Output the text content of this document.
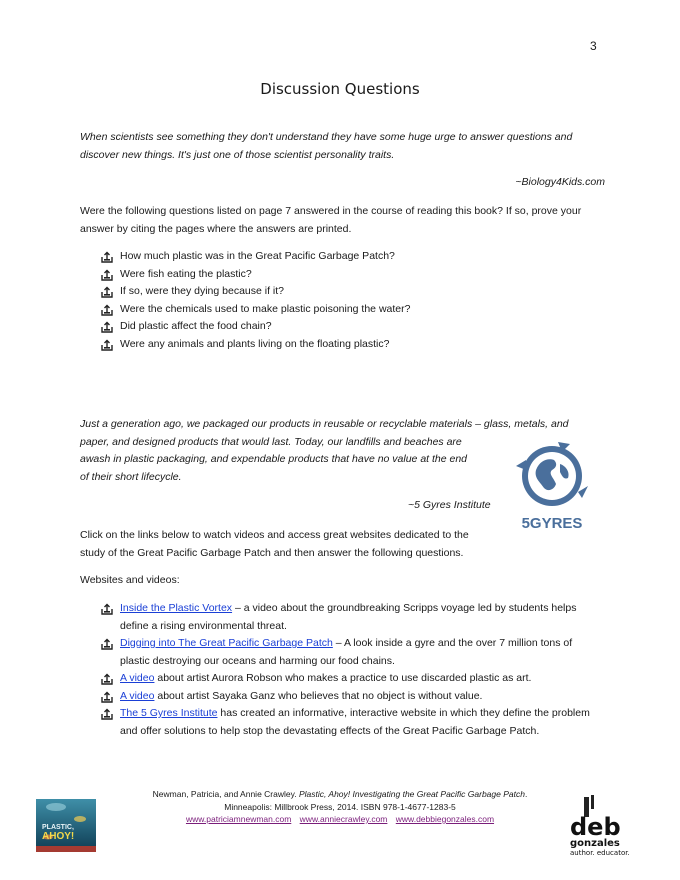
3
Discussion Questions

When scientists see something they don't understand they have some huge urge to answer questions and discover new things. It's just one of those scientist personality traits.

~Biology4Kids.com

Were the following questions listed on page 7 answered in the course of reading this book? If so, prove your answer by citing the pages where the answers are printed.

How much plastic was in the Great Pacific Garbage Patch?
Were fish eating the plastic?
If so, were they dying because if it?
Were the chemicals used to make plastic poisoning the water?
Did plastic affect the food chain?
Were any animals and plants living on the floating plastic?
Just a generation ago, we packaged our products in reusable or recyclable materials – glass, metals, and
paper, and designed products that would last. Today, our landfills and beaches are
awash in plastic packaging, and expendable products that have no value at the end
of their short lifecycle.
~5 Gyres Institute
5GYRES
Click on the links below to watch videos and access great websites dedicated to the
study of the Great Pacific Garbage Patch and then answer the following questions.

Websites and videos:

Inside the Plastic Vortex – a video about the groundbreaking Scripps voyage led by students helps define a rising environmental threat.
Digging into The Great Pacific Garbage Patch – A look inside a gyre and the over 7 million tons of plastic destroying our oceans and harming our food chains.
A video about artist Aurora Robson who makes a practice to use discarded plastic as art.
A video about artist Sayaka Ganz who believes that no object is without value.
The 5 Gyres Institute has created an informative, interactive website in which they define the problem and offer solutions to help stop the devastating effects of the Great Pacific Garbage Patch.
Newman, Patricia, and Annie Crawley. Plastic, Ahoy! Investigating the Great Pacific Garbage Patch.
Minneapolis: Millbrook Press, 2014. ISBN 978-1-4677-1283-5
www.patriciamnewman.com www.anniecrawley.com www.debbiegonzales.com
PLASTIC,
AHOY!	deb
gonzales
author. educator.
